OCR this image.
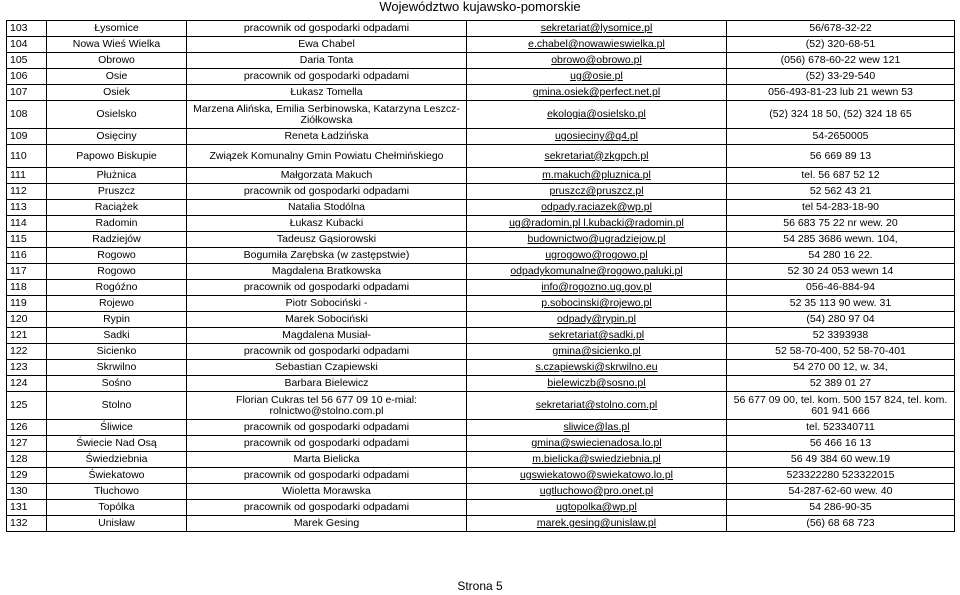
Województwo kujawsko-pomorskie
103	Łysomice	pracownik od gospodarki odpadami	sekretariat@lysomice.pl	56/678-32-22
104	Nowa Wieś Wielka	Ewa Chabel	e.chabel@nowawieswielka.pl	(52) 320-68-51
105	Obrowo	Daria Tonta	obrowo@obrowo.pl	(056) 678-60-22 wew 121
106	Osie	pracownik od gospodarki odpadami	ug@osie.pl	(52) 33-29-540
107	Osiek	Łukasz Tomella	gmina.osiek@perfect.net.pl	056-493-81-23 lub 21 wewn 53
108	Osielsko	Marzena Alińska, Emilia Serbinowska, Katarzyna Leszcz-Ziółkowska	ekologia@osielsko.pl	(52) 324 18 50, (52) 324 18 65
109	Osięciny	Reneta Ładzińska	ugosieciny@q4.pl	54-2650005
110	Papowo Biskupie	Związek Komunalny Gmin Powiatu Chełmińskiego	sekretariat@zkgpch.pl	56 669 89 13
111	Płużnica	Małgorzata Makuch	m.makuch@pluznica.pl	tel. 56 687 52 12
112	Pruszcz	pracownik od gospodarki odpadami	pruszcz@pruszcz.pl	52 562 43 21
113	Raciążek	Natalia Stodólna	odpady.raciazek@wp.pl	tel 54-283-18-90
114	Radomin	Łukasz Kubacki	ug@radomin.pl l.kubacki@radomin.pl	56 683 75 22 nr wew. 20
115	Radziejów	Tadeusz Gąsiorowski	budownictwo@ugradziejow.pl	54 285 3686 wewn. 104,
116	Rogowo	Bogumiła Zarębska (w zastępstwie)	ugrogowo@rogowo.pl	54 280 16 22.
117	Rogowo	Magdalena Bratkowska	odpadykomunalne@rogowo.paluki.pl	52 30 24 053 wewn 14
118	Rogóźno	pracownik od gospodarki odpadami	info@rogozno.ug.gov.pl	056-46-884-94
119	Rojewo	Piotr Sobociński -	p.sobocinski@rojewo.pl	52 35 113 90 wew. 31
120	Rypin	Marek Sobociński	odpady@rypin.pl	(54) 280 97 04
121	Sadki	Magdalena Musiał-	sekretariat@sadki.pl	52 3393938
122	Sicienko	pracownik od gospodarki odpadami	gmina@sicienko.pl	52 58-70-400, 52 58-70-401
123	Skrwilno	Sebastian Czapiewski	s.czapiewski@skrwilno.eu	54 270 00 12, w. 34,
124	Sośno	Barbara Bielewicz	bielewiczb@sosno.pl	52 389 01 27
125	Stolno	Florian Cukras tel 56 677 09 10 e-mial: rolnictwo@stolno.com.pl	sekretariat@stolno.com.pl	56 677 09 00, tel. kom. 500 157 824, tel. kom. 601 941 666
126	Śliwice	pracownik od gospodarki odpadami	sliwice@las.pl	tel. 523340711
127	Świecie Nad Osą	pracownik od gospodarki odpadami	gmina@swiecienadosa.lo.pl	56 466 16 13
128	Świedziebnia	Marta Bielicka	m.bielicka@swiedziebnia.pl	56 49 384 60 wew.19
129	Świekatowo	pracownik od gospodarki odpadami	ugswiekatowo@swiekatowo.lo.pl	523322280 523322015
130	Tłuchowo	Wioletta Morawska	ugtluchowo@pro.onet.pl	54-287-62-60 wew. 40
131	Topólka	pracownik od gospodarki odpadami	ugtopolka@wp.pl	54 286-90-35
132	Unisław	Marek Gesing	marek.gesing@unislaw.pl	(56) 68 68 723
Strona 5
